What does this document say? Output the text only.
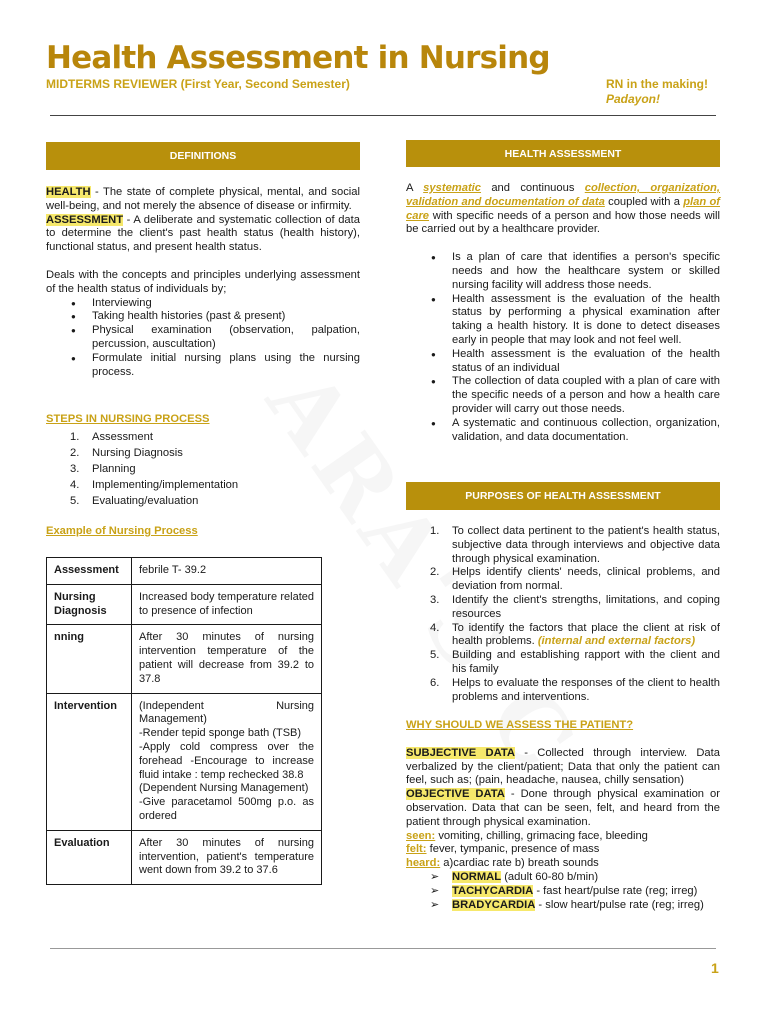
Health Assessment in Nursing
MIDTERMS REVIEWER (First Year, Second Semester)	RN in the making!
Padayon!
DEFINITIONS

HEALTH - The state of complete physical, mental, and social well-being, and not merely the absence of disease or infirmity.

ASSESSMENT - A deliberate and systematic collection of data to determine the client's past health status (health history), functional status, and present health status.

Deals with the concepts and principles underlying assessment of the health status of individuals by;

● Interviewing
● Taking health histories (past & present)
● Physical examination (observation, palpation, percussion, auscultation)
● Formulate initial nursing plans using the nursing process.
STEPS IN NURSING PROCESS
1. Assessment
2. Nursing Diagnosis
3. Planning
4. Implementing/implementation
5. Evaluating/evaluation
Example of Nursing Process
Assessment	febrile T- 39.2
Nursing Diagnosis	Increased body temperature related to presence of infection
nning	After 30 minutes of nursing intervention temperature of the patient will decrease from 39.2 to 37.8
Intervention	(Independent Nursing Management)
-Render tepid sponge bath (TSB)
-Apply cold compress over the forehead -Encourage to increase fluid intake : temp rechecked 38.8
(Dependent Nursing Management)
-Give paracetamol 500mg p.o. as ordered

Evaluation	After 30 minutes of nursing intervention, patient's temperature went down from 39.2 to 37.6
HEALTH ASSESSMENT

A systematic and continuous collection, organization, validation and documentation of data coupled with a plan of care with specific needs of a person and how those needs will be carried out by a healthcare provider.

● Is a plan of care that identifies a person's specific needs and how the healthcare system or skilled nursing facility will address those needs.
● Health assessment is the evaluation of the health status by performing a physical examination after taking a health history. It is done to detect diseases early in people that may look and not feel well.
● Health assessment is the evaluation of the health status of an individual
● The collection of data coupled with a plan of care with the specific needs of a person and how a health care provider will carry out those needs.
● A systematic and continuous collection, organization, validation, and data documentation.
PURPOSES OF HEALTH ASSESSMENT
1. To collect data pertinent to the patient's health status, subjective data through interviews and objective data through physical examination.
2. Helps identify clients' needs, clinical problems, and deviation from normal.
3. Identify the client's strengths, limitations, and coping resources
4. To identify the factors that place the client at risk of health problems. (internal and external factors)
5. Building and establishing rapport with the client and his family
6. Helps to evaluate the responses of the client to health problems and interventions.
WHY SHOULD WE ASSESS THE PATIENT?

SUBJECTIVE DATA - Collected through interview. Data verbalized by the client/patient; Data that only the patient can feel, such as; (pain, headache, nausea, chilly sensation)

OBJECTIVE DATA - Done through physical examination or observation. Data that can be seen, felt, and heard from the patient through physical examination.

seen: vomiting, chilling, grimacing face, bleeding
felt: fever, tympanic, presence of mass
heard: a)cardiac rate b) breath sounds
➢ NORMAL (adult 60-80 b/min)
➢ TACHYCARDIA - fast heart/pulse rate (reg; irreg)
➢ BRADYCARDIA - slow heart/pulse rate (reg; irreg)
1
